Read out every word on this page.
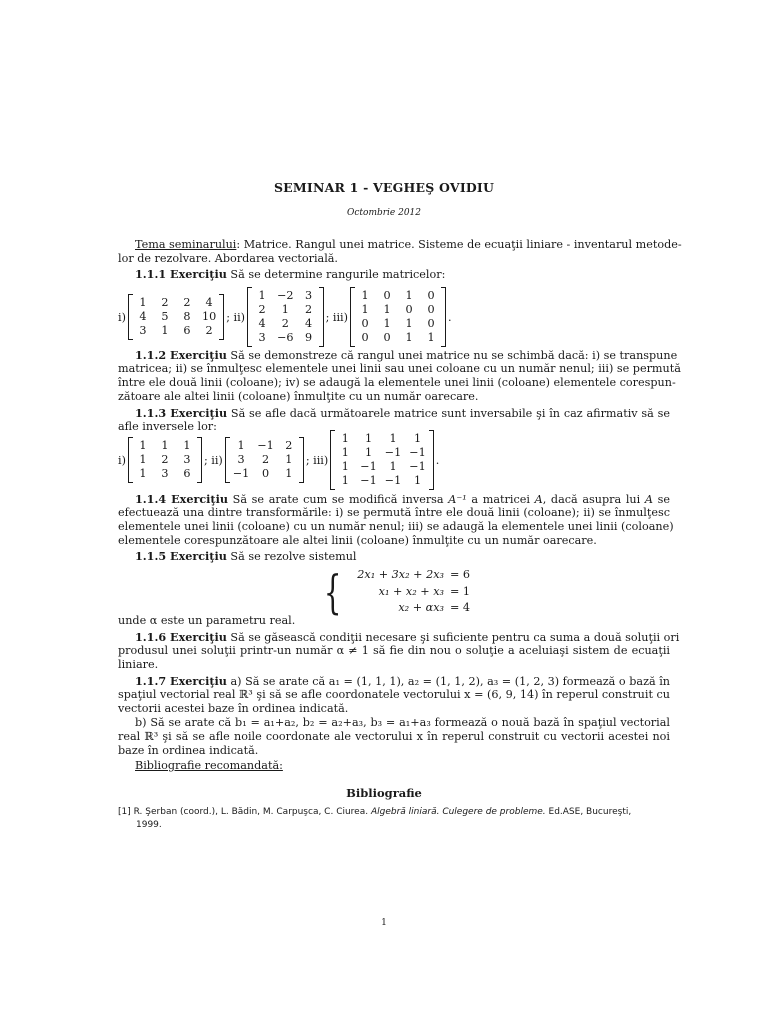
SEMINAR 1 - VEGHEŞ OVIDIU
Octombrie 2012
Tema seminarului: Matrice. Rangul unei matrice. Sisteme de ecuaţii liniare - inventarul metode-
lor de rezolvare. Abordarea vectorială.
1.1.1 Exerciţiu Să se determine rangurile matricelor:
i)
1	2	2	4
4	5	8	10
3	1	6	2
; ii)
1	−2	3
2	1	2
4	2	4
3	−6	9
; iii)
1	0	1	0
1	1	0	0
0	1	1	0
0	0	1	1
.
1.1.2 Exerciţiu Să se demonstreze că rangul unei matrice nu se schimbă dacă: i) se transpune
matricea; ii) se înmulţesc elementele unei linii sau unei coloane cu un număr nenul; iii) se permută
între ele două linii (coloane); iv) se adaugă la elementele unei linii (coloane) elementele corespun-
zătoare ale altei linii (coloane) înmulţite cu un număr oarecare.
1.1.3 Exerciţiu Să se afle dacă următoarele matrice sunt inversabile şi în caz afirmativ să se
afle inversele lor:
i)
1	1	1
1	2	3
1	3	6
; ii)
1	−1	2
3	2	1
−1	0	1
; iii)
1	1	1	1
1	1	−1	−1
1	−1	1	−1
1	−1	−1	1
.
1.1.4 Exerciţiu Să se arate cum se modifică inversa A⁻¹ a matricei A, dacă asupra lui A se
efectuează una dintre transformările: i) se permută între ele două linii (coloane); ii) se înmulţesc
elementele unei linii (coloane) cu un număr nenul; iii) se adaugă la elementele unei linii (coloane)
elementele corespunzătoare ale altei linii (coloane) înmulţite cu un număr oarecare.
1.1.5 Exerciţiu Să se rezolve sistemul
{ 2x₁ + 3x₂ + 2x₃	= 6
x₁ + x₂ + x₃	= 1
x₂ + αx₃	= 4
unde α este un parametru real.
1.1.6 Exerciţiu Să se găsească condiţii necesare şi suficiente pentru ca suma a două soluţii ori
produsul unei soluţii printr-un număr α ≠ 1 să fie din nou o soluţie a aceluiaşi sistem de ecuaţii
liniare.
1.1.7 Exerciţiu a) Să se arate că a₁ = (1, 1, 1), a₂ = (1, 1, 2), a₃ = (1, 2, 3) formează o bază în
spaţiul vectorial real ℝ³ şi să se afle coordonatele vectorului x = (6, 9, 14) în reperul construit cu
vectorii acestei baze în ordinea indicată.
b) Să se arate că b₁ = a₁+a₂, b₂ = a₂+a₃, b₃ = a₁+a₃ formează o nouă bază în spaţiul vectorial
real ℝ³ şi să se afle noile coordonate ale vectorului x în reperul construit cu vectorii acestei noi
baze în ordinea indicată.
Bibliografie recomandată:
Bibliografie
[1] R. Şerban (coord.), L. Bădin, M. Carpuşca, C. Ciurea. Algebră liniară. Culegere de probleme. Ed.ASE, Bucureşti,
1999.
1
